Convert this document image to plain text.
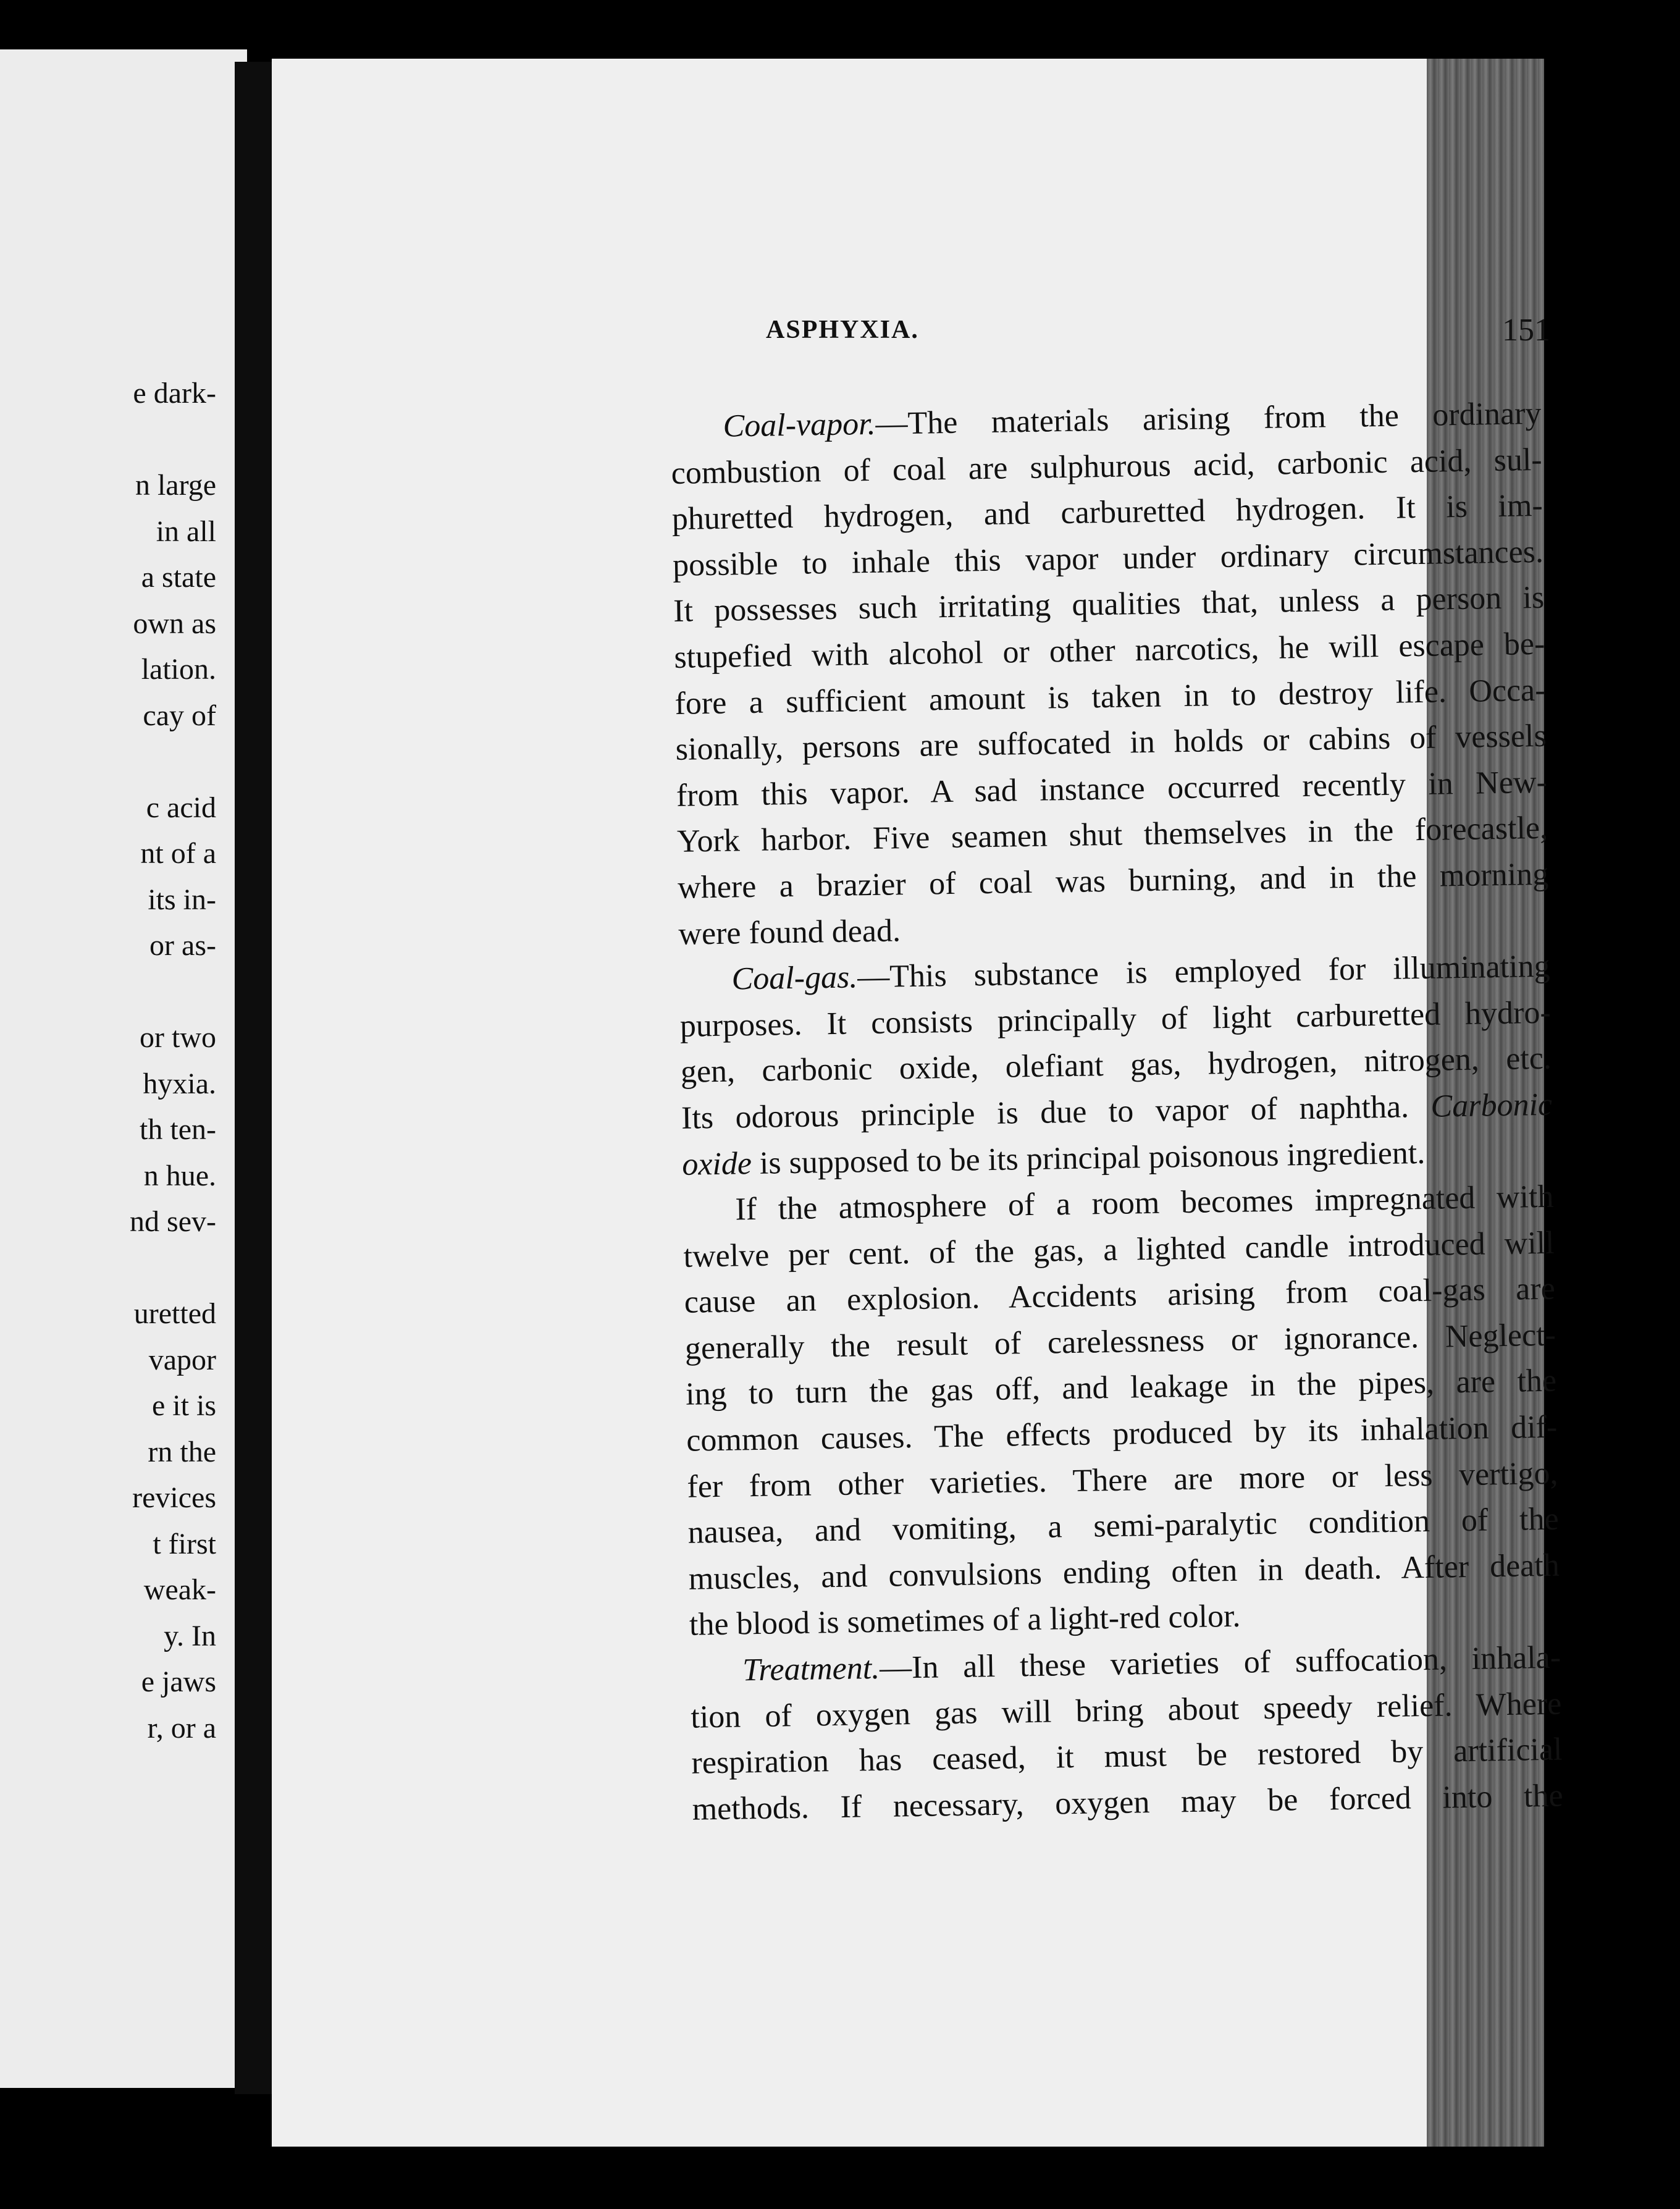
e dark-
n large
in all
a state
own as
lation.
cay of
c acid
nt of a
its in-
or as-
or two
hyxia.
th ten-
n hue.
nd sev-
uretted
vapor
e it is
rn the
revices
t first
weak-
y. In
e jaws
r, or a
ASPHYXIA.	151
Coal-vapor.—The materials arising from the ordinary
combustion of coal are sulphurous acid, carbonic acid, sul-
phuretted hydrogen, and carburetted hydrogen. It is im-
possible to inhale this vapor under ordinary circumstances.
It possesses such irritating qualities that, unless a person is
stupefied with alcohol or other narcotics, he will escape be-
fore a sufficient amount is taken in to destroy life. Occa-
sionally, persons are suffocated in holds or cabins of vessels
from this vapor. A sad instance occurred recently in New-
York harbor. Five seamen shut themselves in the forecastle,
where a brazier of coal was burning, and in the morning
were found dead.
Coal-gas.—This substance is employed for illuminating
purposes. It consists principally of light carburetted hydro-
gen, carbonic oxide, olefiant gas, hydrogen, nitrogen, etc.
Its odorous principle is due to vapor of naphtha. Carbonic
oxide is supposed to be its principal poisonous ingredient.
If the atmosphere of a room becomes impregnated with
twelve per cent. of the gas, a lighted candle introduced will
cause an explosion. Accidents arising from coal-gas are
generally the result of carelessness or ignorance. Neglect-
ing to turn the gas off, and leakage in the pipes, are the
common causes. The effects produced by its inhalation dif-
fer from other varieties. There are more or less vertigo,
nausea, and vomiting, a semi-paralytic condition of the
muscles, and convulsions ending often in death. After death
the blood is sometimes of a light-red color.
Treatment.—In all these varieties of suffocation, inhala-
tion of oxygen gas will bring about speedy relief. Where
respiration has ceased, it must be restored by artificial
methods. If necessary, oxygen may be forced into the
